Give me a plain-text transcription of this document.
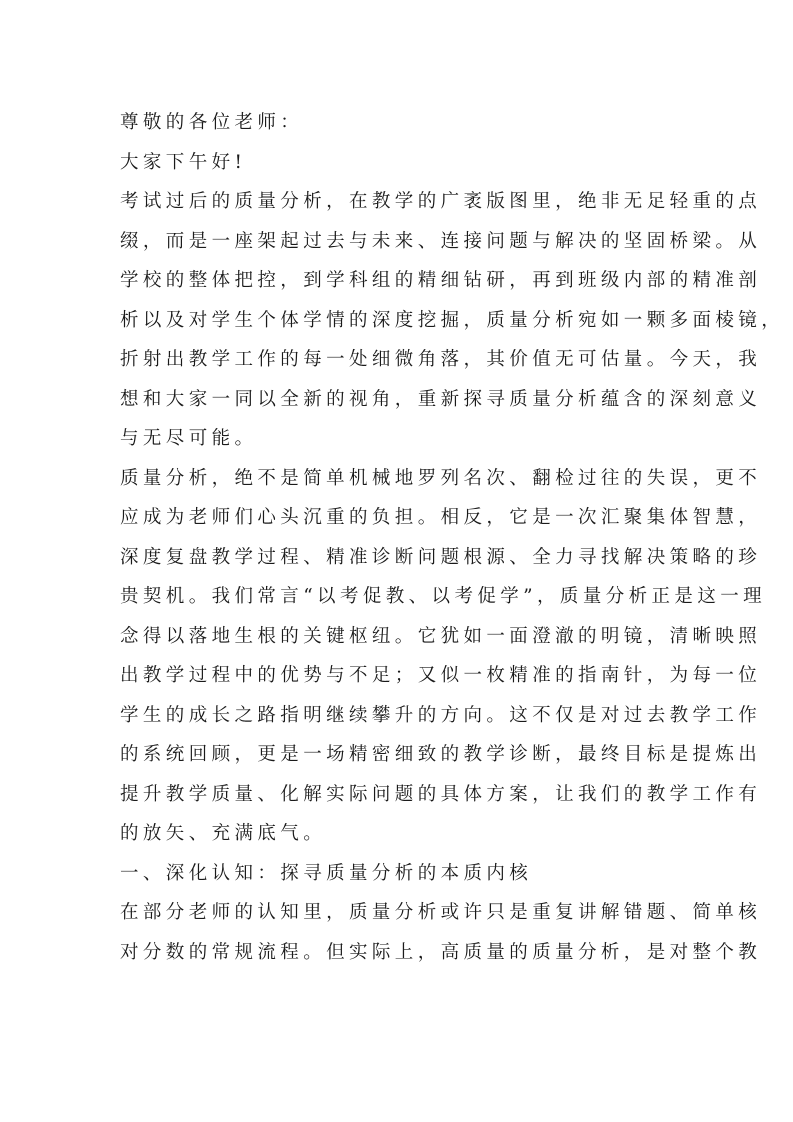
尊敬的各位老师：
大家下午好!
考试过后的质量分析，在教学的广袤版图里，绝非无足轻重的点
缀，而是一座架起过去与未来、连接问题与解决的坚固桥梁。从
学校的整体把控，到学科组的精细钻研，再到班级内部的精准剖
析以及对学生个体学情的深度挖掘，质量分析宛如一颗多面棱镜，
折射出教学工作的每一处细微角落，其价值无可估量。今天，我
想和大家一同以全新的视角，重新探寻质量分析蕴含的深刻意义
与无尽可能。
质量分析，绝不是简单机械地罗列名次、翻检过往的失误，更不
应成为老师们心头沉重的负担。相反，它是一次汇聚集体智慧，
深度复盘教学过程、精准诊断问题根源、全力寻找解决策略的珍
贵契机。我们常言“以考促教、以考促学”，质量分析正是这一理
念得以落地生根的关键枢纽。它犹如一面澄澈的明镜，清晰映照
出教学过程中的优势与不足；又似一枚精准的指南针，为每一位
学生的成长之路指明继续攀升的方向。这不仅是对过去教学工作
的系统回顾，更是一场精密细致的教学诊断，最终目标是提炼出
提升教学质量、化解实际问题的具体方案，让我们的教学工作有
的放矢、充满底气。
一、深化认知：探寻质量分析的本质内核
在部分老师的认知里，质量分析或许只是重复讲解错题、简单核
对分数的常规流程。但实际上，高质量的质量分析，是对整个教
